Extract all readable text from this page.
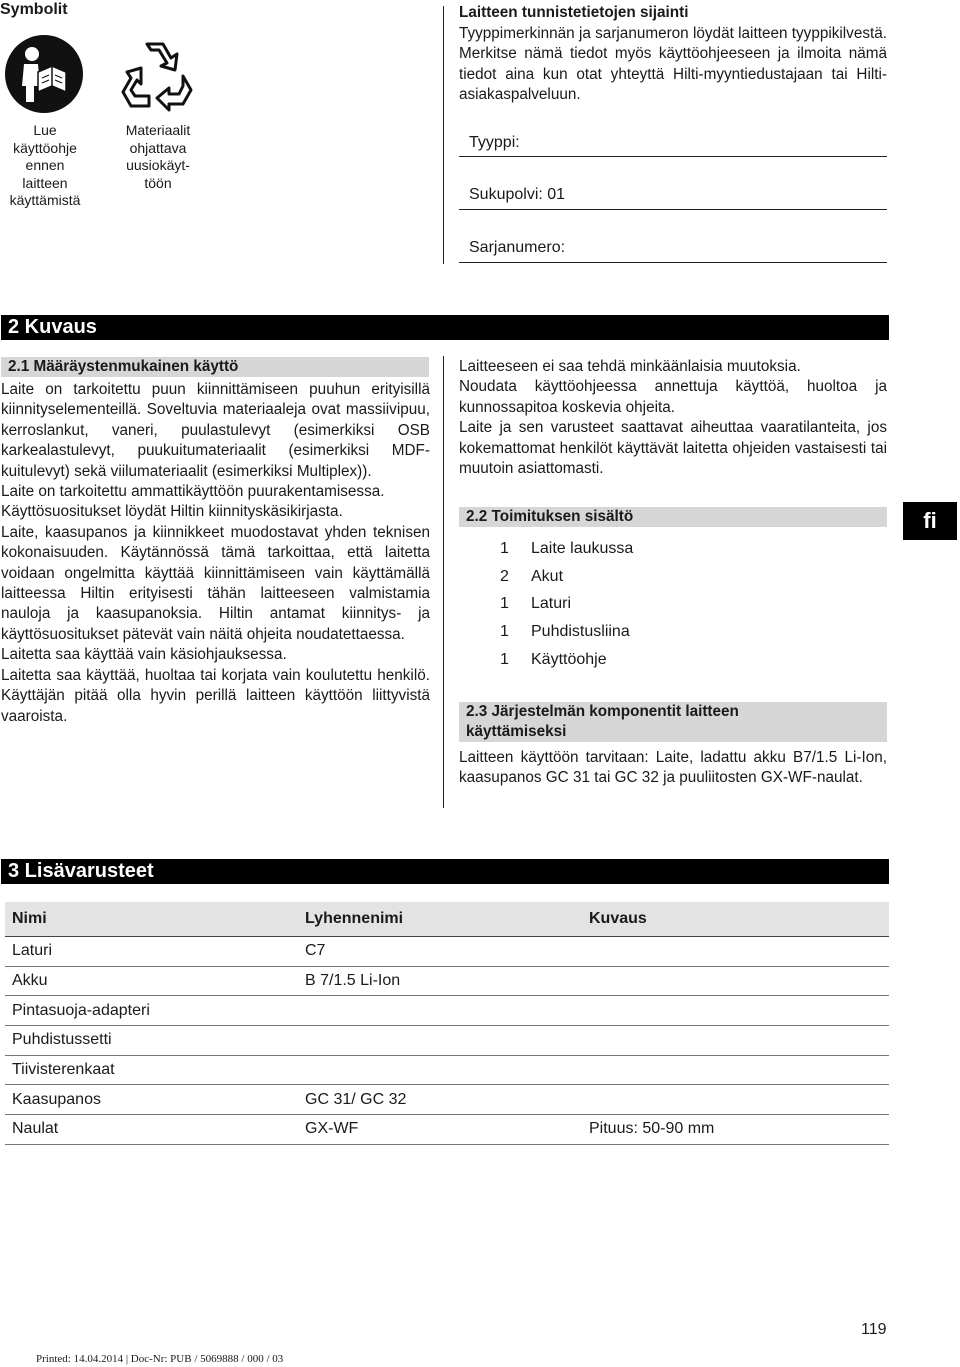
Symbolit
Lue
käyttöohje
ennen
laitteen
käyttämistä
Materiaalit
ohjattava
uusiokäyt-
töön
Laitteen tunnistetietojen sijainti

Tyyppimerkinnän ja sarjanumeron löydät laitteen tyyppikilvestä. Merkitse nämä tiedot myös käyttöohjeeseen ja ilmoita nämä tiedot aina kun otat yhteyttä Hilti-myyntiedustajaan tai Hilti-asiakaspalveluun.

Tyyppi:
Sukupolvi: 01
Sarjanumero:
2 Kuvaus
2.1 Määräystenmukainen käyttö

Laite on tarkoitettu puun kiinnittämiseen puuhun erityisillä kiinnityselementeillä. Soveltuvia materiaaleja ovat massiivipuu, kerroslankut, vaneri, puulastulevyt (esimerkiksi OSB karkealastulevyt, puukuitumateriaalit (esimerkiksi MDF-kuitulevyt) sekä viilumateriaalit (esimerkiksi Multiplex)).

Laite on tarkoitettu ammattikäyttöön puurakentamisessa.

Käyttösuositukset löydät Hiltin kiinnityskäsikirjasta.

Laite, kaasupanos ja kiinnikkeet muodostavat yhden teknisen kokonaisuuden. Käytännössä tämä tarkoittaa, että laitetta voidaan ongelmitta käyttää kiinnittämiseen vain käyttämällä laitteessa Hiltin erityisesti tähän laitteeseen valmistamia nauloja ja kaasupanoksia. Hiltin antamat kiinnitys- ja käyttösuositukset pätevät vain näitä ohjeita noudatettaessa.

Laitetta saa käyttää vain käsiohjauksessa.

Laitetta saa käyttää, huoltaa tai korjata vain koulutettu henkilö. Käyttäjän pitää olla hyvin perillä laitteen käyttöön liittyvistä vaaroista.

Laitteeseen ei saa tehdä minkäänlaisia muutoksia.

Noudata käyttöohjeessa annettuja käyttöä, huoltoa ja kunnossapitoa koskevia ohjeita.

Laite ja sen varusteet saattavat aiheuttaa vaaratilanteita, jos kokemattomat henkilöt käyttävät laitetta ohjeiden vastaisesti tai muutoin asiattomasti.

2.2 Toimituksen sisältö
1 Laite laukussa
2 Akut
1 Laturi
1 Puhdistusliina
1 Käyttöohje
fi
2.3 Järjestelmän komponentit laitteen
käyttämiseksi

Laitteen käyttöön tarvitaan: Laite, ladattu akku B7/1.5 Li-Ion, kaasupanos GC 31 tai GC 32 ja puuliitosten GX-WF-naulat.

3 Lisävarusteet
Nimi	Lyhennenimi	Kuvaus
Laturi	C7
Akku	B 7/1.5 Li-Ion
Pintasuoja-adapteri
Puhdistussetti
Tiivisterenkaat
Kaasupanos	GC 31/ GC 32
Naulat	GX-WF	Pituus: 50-90 mm
119
Printed: 14.04.2014 | Doc-Nr: PUB / 5069888 / 000 / 03
